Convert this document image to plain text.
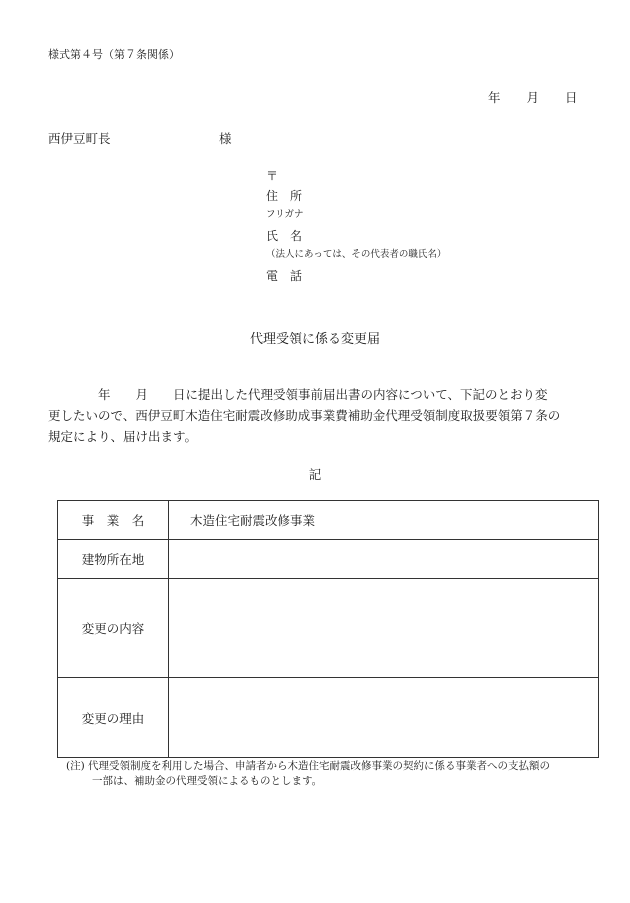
様式第４号（第７条関係）
年 月 日
西伊豆町長	様
〒
住　所
フリガナ
氏　名
（法人にあっては、その代表者の職氏名）
電　話
代理受領に係る変更届
　　　　年　　月　　日に提出した代理受領事前届出書の内容について、下記のとおり変
更したいので、西伊豆町木造住宅耐震改修助成事業費補助金代理受領制度取扱要領第７条の
規定により、届け出ます。
記
事　業　名	木造住宅耐震改修事業
建物所在地	
変更の内容	
変更の理由	
(注) 代理受領制度を利用した場合、申請者から木造住宅耐震改修事業の契約に係る事業者への支払額の
一部は、補助金の代理受領によるものとします。
